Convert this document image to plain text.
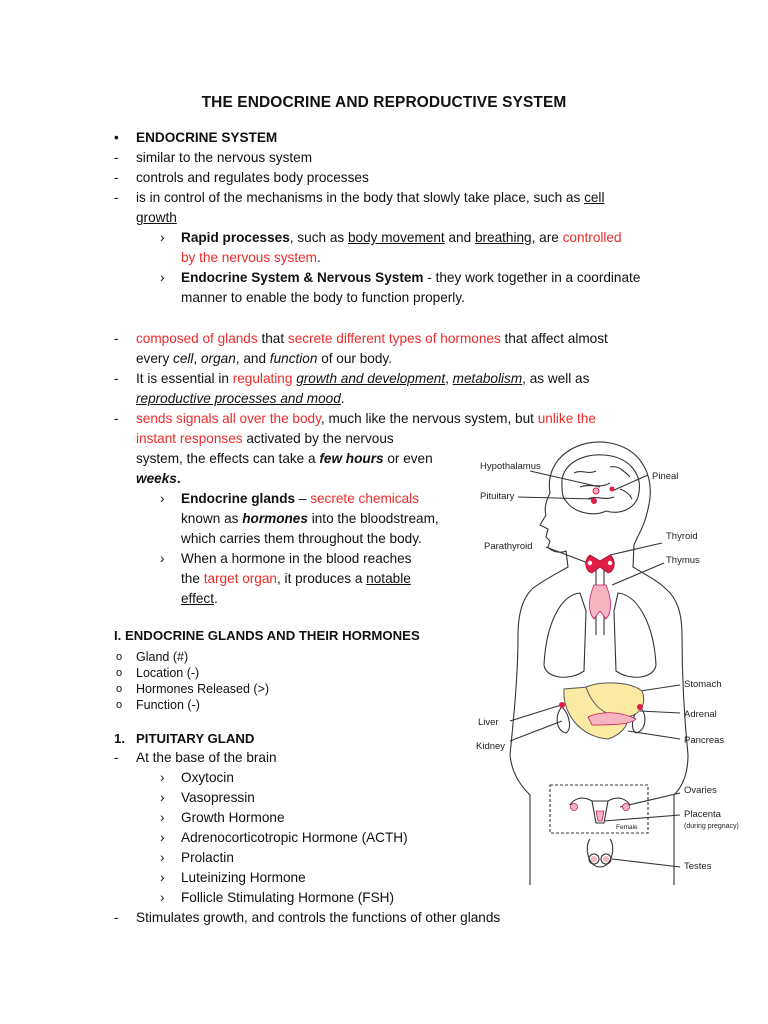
THE ENDOCRINE AND REPRODUCTIVE SYSTEM
• ENDOCRINE SYSTEM
- similar to the nervous system
- controls and regulates body processes
- is in control of the mechanisms in the body that slowly take place, such as cell
growth
› Rapid processes, such as body movement and breathing, are controlled
by the nervous system.
› Endocrine System & Nervous System - they work together in a coordinate
manner to enable the body to function properly.
- composed of glands that secrete different types of hormones that affect almost
every cell, organ, and function of our body.
- It is essential in regulating growth and development, metabolism, as well as
reproductive processes and mood.
- sends signals all over the body, much like the nervous system, but unlike the
instant responses activated by the nervous
system, the effects can take a few hours or even
weeks.
› Endocrine glands – secrete chemicals
known as hormones into the bloodstream,
which carries them throughout the body.
› When a hormone in the blood reaches
the target organ, it produces a notable
effect.
I. ENDOCRINE GLANDS AND THEIR HORMONES
o Gland (#)
o Location (-)
o Hormones Released (>)
o Function (-)
1.   PITUITARY GLAND
- At the base of the brain
› Oxytocin
› Vasopressin
› Growth Hormone
› Adrenocorticotropic Hormone (ACTH)
› Prolactin
› Luteinizing Hormone
› Follicle Stimulating Hormone (FSH)
- Stimulates growth, and controls the functions of other glands
Hypothalamus
Pineal
Pituitary
Thyroid
Parathyroid
Thymus
Stomach
Adrenal
Liver
Pancreas
Kidney
Ovaries
Placenta
(during pregnacy)
Female
Testes
